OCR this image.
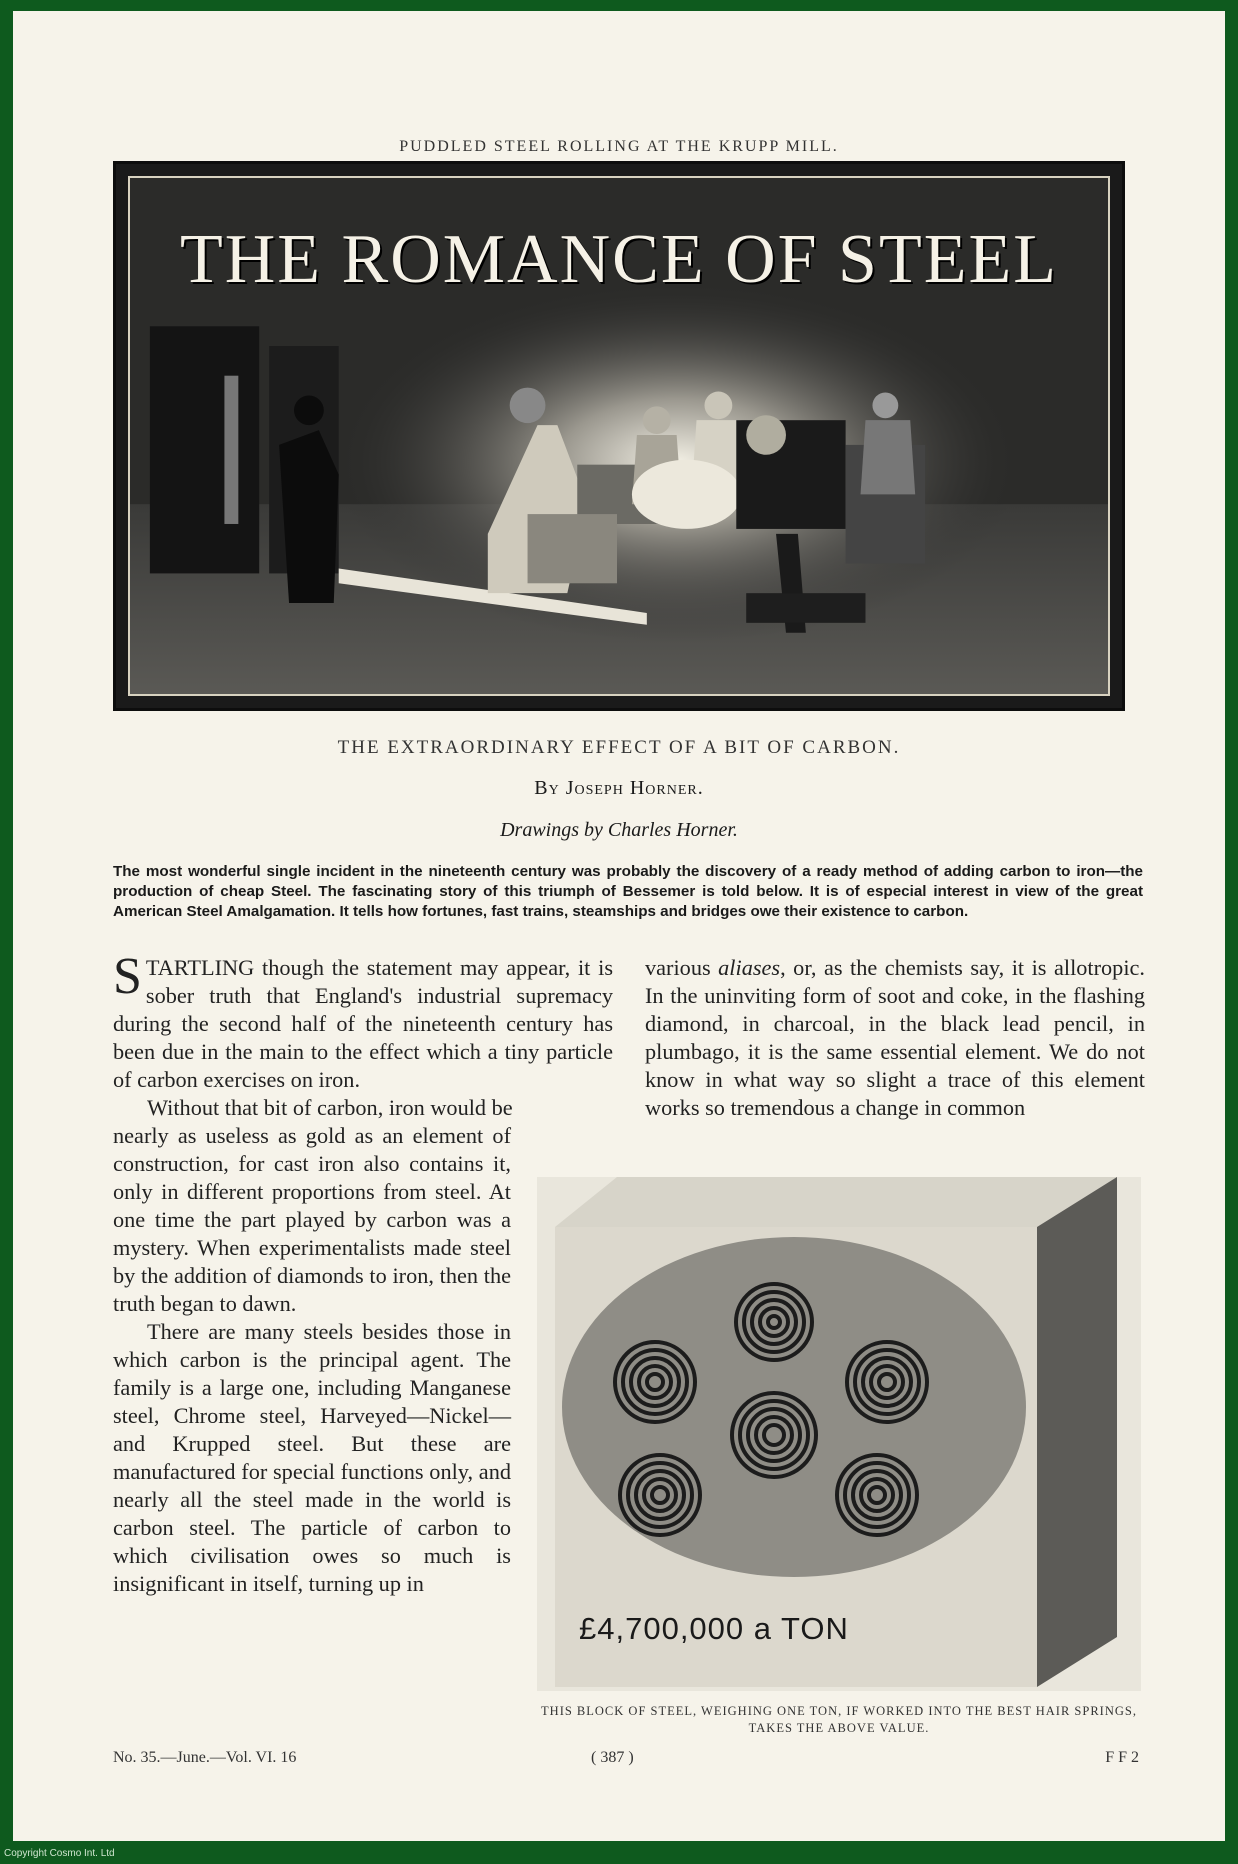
PUDDLED STEEL ROLLING AT THE KRUPP MILL.
THE ROMANCE OF STEEL
THE EXTRAORDINARY EFFECT OF A BIT OF CARBON.
By Joseph Horner.
Drawings by Charles Horner.
The most wonderful single incident in the nineteenth century was probably the discovery of a ready method of adding carbon to iron—the production of cheap Steel. The fascinating story of this triumph of Bessemer is told below. It is of especial interest in view of the great American Steel Amalgamation. It tells how fortunes, fast trains, steamships and bridges owe their existence to carbon.

STARTLING though the statement may appear, it is sober truth that England's industrial supremacy during the second half of the nineteenth century has been due in the main to the effect which a tiny particle of carbon exercises on iron.

Without that bit of carbon, iron would be

nearly as useless as gold as an element of construction, for cast iron also contains it, only in different proportions from steel. At one time the part played by carbon was a mystery. When experimentalists made steel by the addition of diamonds to iron, then the truth began to dawn.

There are many steels besides those in which carbon is the principal agent. The family is a large one, including Manganese steel, Chrome steel, Harveyed—Nickel—and Krupped steel. But these are manufactured for special functions only, and nearly all the steel made in the world is carbon steel. The particle of carbon to which civilisation owes so much is insignificant in itself, turning up in

various aliases, or, as the chemists say, it is allotropic. In the uninviting form of soot and coke, in the flashing diamond, in charcoal, in the black lead pencil, in plumbago, it is the same essential element. We do not know in what way so slight a trace of this element works so tremendous a change in common

£4,700,000 a TON
THIS BLOCK OF STEEL, WEIGHING ONE TON, IF WORKED INTO THE BEST HAIR SPRINGS, TAKES THE ABOVE VALUE.
No. 35.—June.—Vol. VI. 16	( 387 )	F F 2
Copyright Cosmo Int. Ltd
